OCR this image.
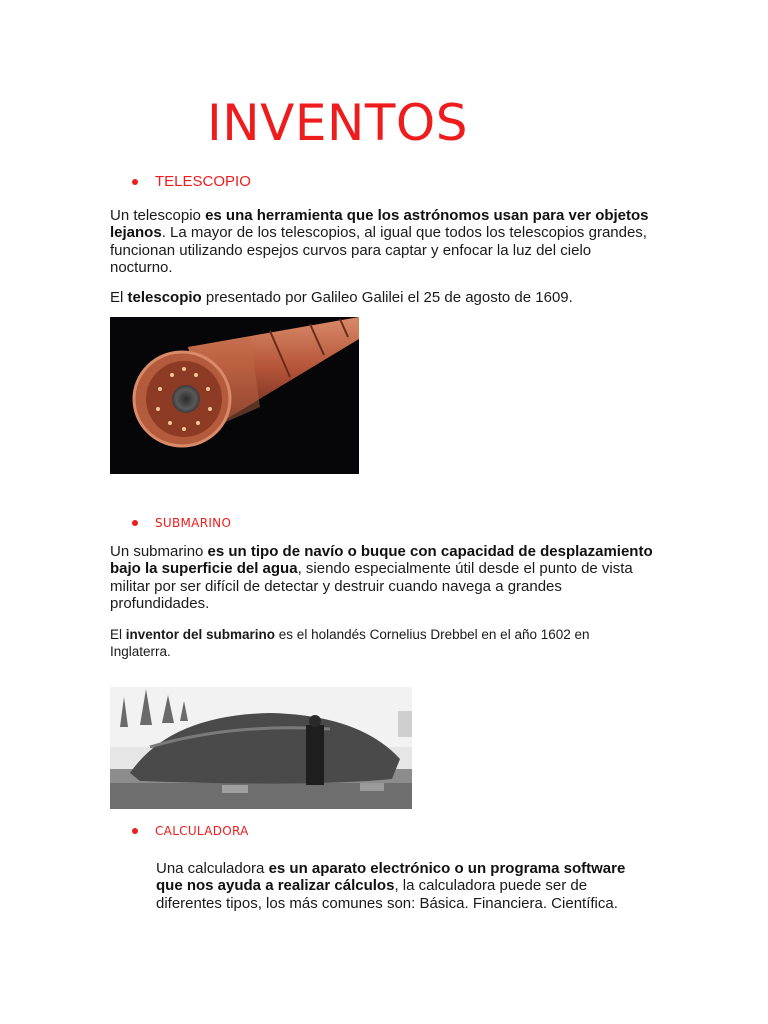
INVENTOS
TELESCOPIO

Un telescopio es una herramienta que los astrónomos usan para ver objetos lejanos. La mayor de los telescopios, al igual que todos los telescopios grandes, funcionan utilizando espejos curvos para captar y enfocar la luz del cielo nocturno.

El telescopio presentado por Galileo Galilei el 25 de agosto de 1609.

SUBMARINO

Un submarino es un tipo de navío o buque con capacidad de desplazamiento bajo la superficie del agua, siendo especialmente útil desde el punto de vista militar por ser difícil de detectar y destruir cuando navega a grandes profundidades.

El inventor del submarino es el holandés Cornelius Drebbel en el año 1602 en Inglaterra.

CALCULADORA

Una calculadora es un aparato electrónico o un programa software que nos ayuda a realizar cálculos, la calculadora puede ser de diferentes tipos, los más comunes son: Básica. Financiera. Científica.
